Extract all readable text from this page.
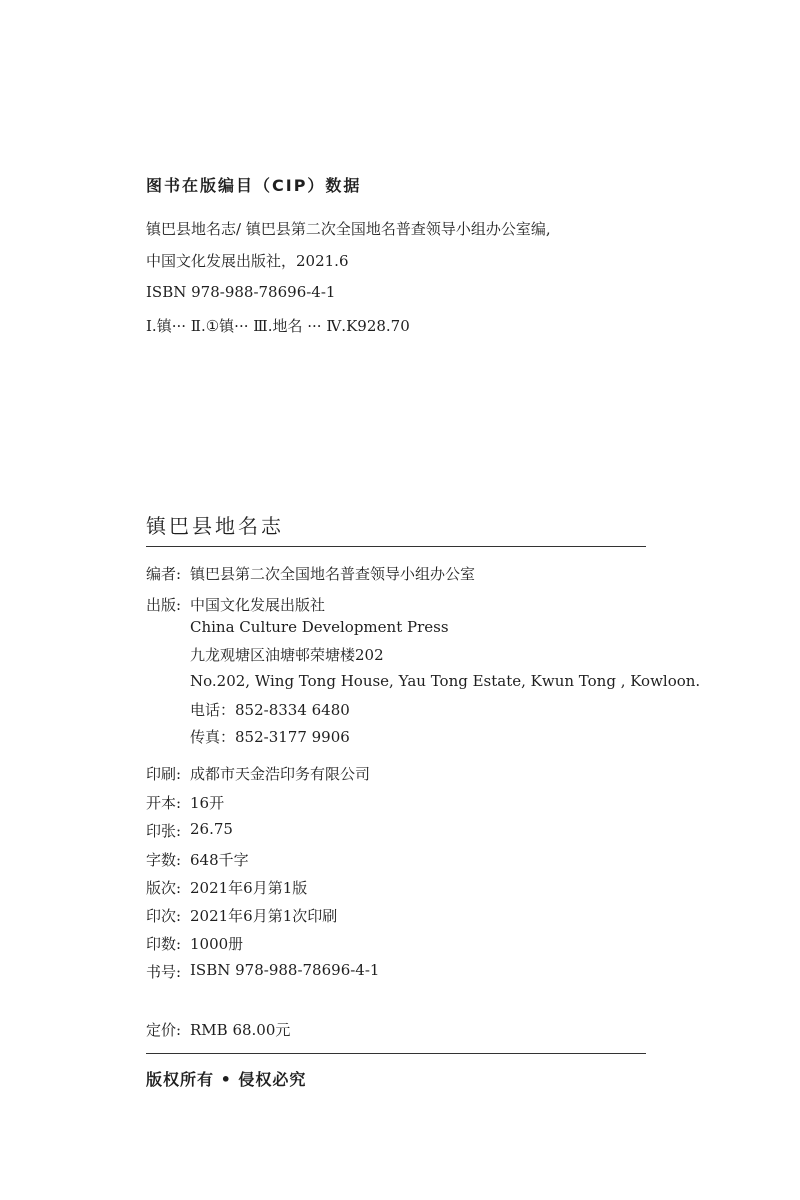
图书在版编目（CIP）数据
镇巴县地名志/ 镇巴县第二次全国地名普查领导小组办公室编,
中国文化发展出版社，2021.6
ISBN 978-988-78696-4-1
Ⅰ.镇··· Ⅱ.①镇··· Ⅲ.地名 ··· Ⅳ.K928.70
镇巴县地名志
编者: 镇巴县第二次全国地名普查领导小组办公室
出版: 中国文化发展出版社
China Culture Development Press
九龙观塘区油塘邨荣塘楼202
No.202, Wing Tong House, Yau Tong Estate, Kwun Tong , Kowloon.
电话：852-8334 6480
传真：852-3177 9906
印刷: 成都市天金浩印务有限公司
开本: 16开
印张: 26.75
字数: 648千字
版次: 2021年6月第1版
印次: 2021年6月第1次印刷
印数: 1000册
书号: ISBN 978-988-78696-4-1
定价: RMB 68.00元
版权所有 • 侵权必究
